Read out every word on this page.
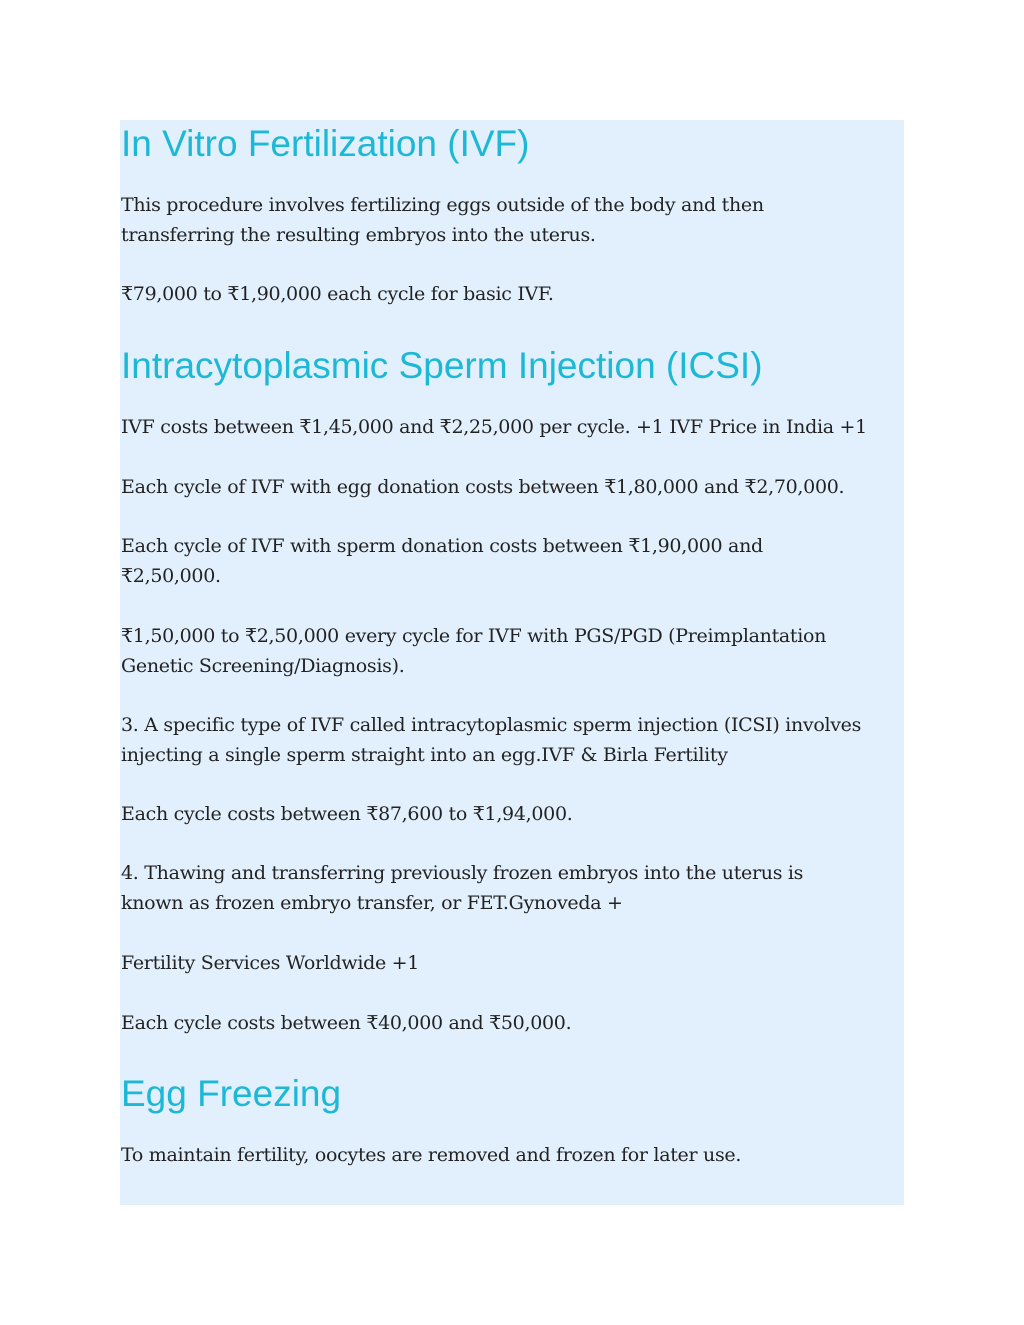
In Vitro Fertilization (IVF)

This procedure involves fertilizing eggs outside of the body and then transferring the resulting embryos into the uterus.

₹79,000 to ₹1,90,000 each cycle for basic IVF.

Intracytoplasmic Sperm Injection (ICSI)

IVF costs between ₹1,45,000 and ₹2,25,000 per cycle. +1 IVF Price in India +1

Each cycle of IVF with egg donation costs between ₹1,80,000 and ₹2,70,000.

Each cycle of IVF with sperm donation costs between ₹1,90,000 and ₹2,50,000.

₹1,50,000 to ₹2,50,000 every cycle for IVF with PGS/PGD (Preimplantation Genetic Screening/Diagnosis).

3. A specific type of IVF called intracytoplasmic sperm injection (ICSI) involves injecting a single sperm straight into an egg.IVF & Birla Fertility

Each cycle costs between ₹87,600 to ₹1,94,000.

4. Thawing and transferring previously frozen embryos into the uterus is known as frozen embryo transfer, or FET.Gynoveda +

Fertility Services Worldwide +1

Each cycle costs between ₹40,000 and ₹50,000.

Egg Freezing

To maintain fertility, oocytes are removed and frozen for later use.
